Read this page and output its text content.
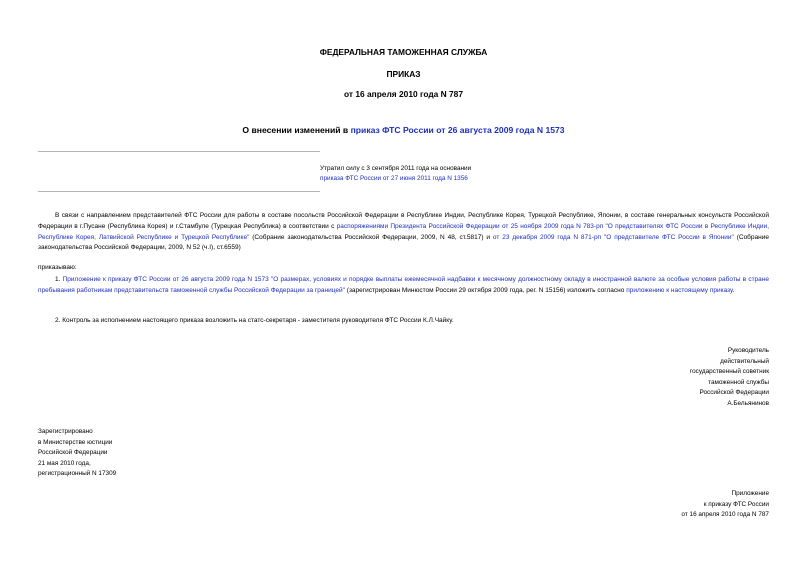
ФЕДЕРАЛЬНАЯ ТАМОЖЕННАЯ СЛУЖБА
ПРИКАЗ
от 16 апреля 2010 года N 787
О внесении изменений в приказ ФТС России от 26 августа 2009 года N 1573
Утратил силу с 3 сентября 2011 года на основании
приказа ФТС России от 27 июня 2011 года N 1356
В связи с направлением представителей ФТС России для работы в составе посольств Российской Федерации в Республике Индии, Республике Корея, Турецкой Республике, Японии, в составе генеральных консульств Российской Федерации в г.Пусане (Республика Корея) и г.Стамбуле (Турецкая Республика) в соответствии с распоряжениями Президента Российской Федерации от 25 ноября 2009 года N 783-рп "О представителях ФТС России в Республике Индии, Республике Корея, Латвийской Республике и Турецкой Республике" (Собрание законодательства Российской Федерации, 2009, N 48, ст.5817) и от 23 декабря 2009 года N 871-рп "О представителе ФТС России в Японии" (Собрание законодательства Российской Федерации, 2009, N 52 (ч.I), ст.6559)
приказываю:
1. Приложение к приказу ФТС России от 26 августа 2009 года N 1573 "О размерах, условиях и порядке выплаты ежемесячной надбавки к месячному должностному окладу в иностранной валюте за особые условия работы в стране пребывания работникам представительств таможенной службы Российской Федерации за границей" (зарегистрирован Минюстом России 29 октября 2009 года, рег. N 15156) изложить согласно приложению к настоящему приказу.
2. Контроль за исполнением настоящего приказа возложить на статс-секретаря - заместителя руководителя ФТС России К.Л.Чайку.
Руководитель
действительный
государственный советник
таможенной службы
Российской Федерации
А.Бельянинов
Зарегистрировано
в Министерстве юстиции
Российской Федерации
21 мая 2010 года,
регистрационный N 17309
Приложение
к приказу ФТС России
от 16 апреля 2010 года N 787
